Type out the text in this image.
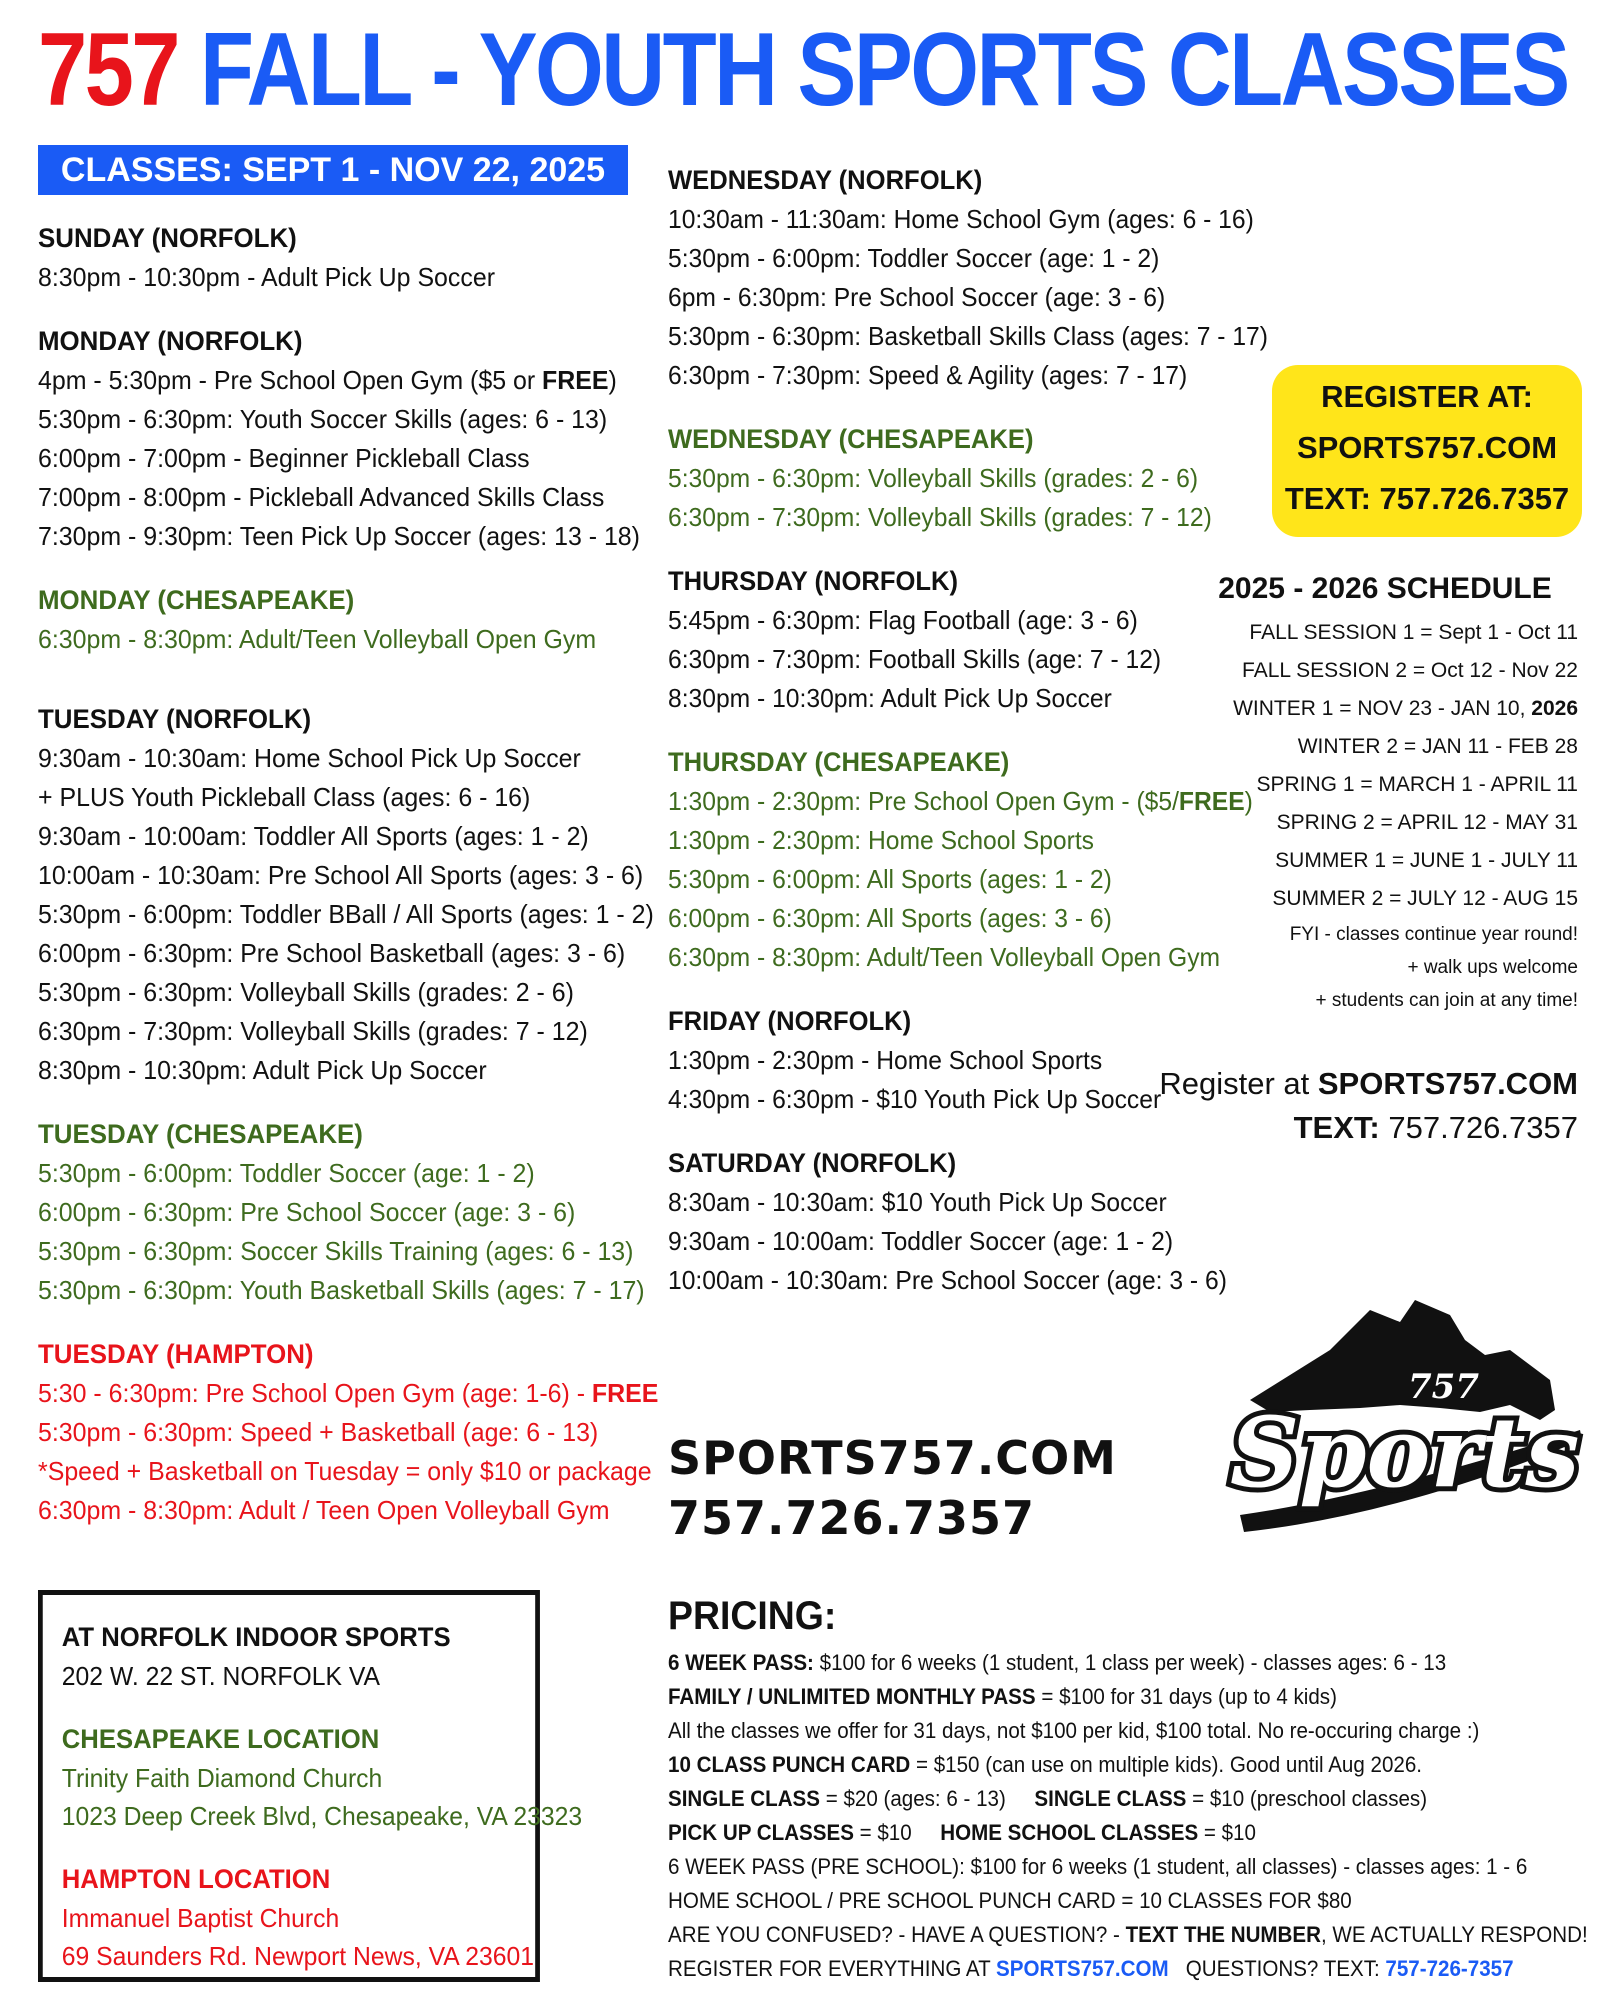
757 FALL - YOUTH SPORTS CLASSES
CLASSES: SEPT 1 - NOV 22, 2025
SUNDAY (NORFOLK)
8:30pm - 10:30pm - Adult Pick Up Soccer
MONDAY (NORFOLK)
4pm - 5:30pm - Pre School Open Gym ($5 or FREE)
5:30pm - 6:30pm: Youth Soccer Skills (ages: 6 - 13)
6:00pm - 7:00pm - Beginner Pickleball Class
7:00pm - 8:00pm - Pickleball Advanced Skills Class
7:30pm - 9:30pm: Teen Pick Up Soccer (ages: 13 - 18)
MONDAY (CHESAPEAKE)
6:30pm - 8:30pm: Adult/Teen Volleyball Open Gym
TUESDAY (NORFOLK)
9:30am - 10:30am: Home School Pick Up Soccer
+ PLUS Youth Pickleball Class (ages: 6 - 16)
9:30am - 10:00am: Toddler All Sports (ages: 1 - 2)
10:00am - 10:30am: Pre School All Sports (ages: 3 - 6)
5:30pm - 6:00pm: Toddler BBall / All Sports (ages: 1 - 2)
6:00pm - 6:30pm: Pre School Basketball (ages: 3 - 6)
5:30pm - 6:30pm: Volleyball Skills (grades: 2 - 6)
6:30pm - 7:30pm: Volleyball Skills (grades: 7 - 12)
8:30pm - 10:30pm: Adult Pick Up Soccer
TUESDAY (CHESAPEAKE)
5:30pm - 6:00pm: Toddler Soccer (age: 1 - 2)
6:00pm - 6:30pm: Pre School Soccer (age: 3 - 6)
5:30pm - 6:30pm: Soccer Skills Training (ages: 6 - 13)
5:30pm - 6:30pm: Youth Basketball Skills (ages: 7 - 17)
TUESDAY (HAMPTON)
5:30 - 6:30pm: Pre School Open Gym (age: 1-6) - FREE
5:30pm - 6:30pm: Speed + Basketball (age: 6 - 13)
*Speed + Basketball on Tuesday = only $10 or package
6:30pm - 8:30pm: Adult / Teen Open Volleyball Gym
WEDNESDAY (NORFOLK)
10:30am - 11:30am: Home School Gym (ages: 6 - 16)
5:30pm - 6:00pm: Toddler Soccer (age: 1 - 2)
6pm - 6:30pm: Pre School Soccer (age: 3 - 6)
5:30pm - 6:30pm: Basketball Skills Class (ages: 7 - 17)
6:30pm - 7:30pm: Speed & Agility (ages: 7 - 17)
WEDNESDAY (CHESAPEAKE)
5:30pm - 6:30pm: Volleyball Skills (grades: 2 - 6)
6:30pm - 7:30pm: Volleyball Skills (grades: 7 - 12)
THURSDAY (NORFOLK)
5:45pm - 6:30pm: Flag Football (age: 3 - 6)
6:30pm - 7:30pm: Football Skills (age: 7 - 12)
8:30pm - 10:30pm: Adult Pick Up Soccer
THURSDAY (CHESAPEAKE)
1:30pm - 2:30pm: Pre School Open Gym - ($5/FREE)
1:30pm - 2:30pm: Home School Sports
5:30pm - 6:00pm: All Sports (ages: 1 - 2)
6:00pm - 6:30pm: All Sports (ages: 3 - 6)
6:30pm - 8:30pm: Adult/Teen Volleyball Open Gym
FRIDAY (NORFOLK)
1:30pm - 2:30pm - Home School Sports
4:30pm - 6:30pm - $10 Youth Pick Up Soccer
SATURDAY (NORFOLK)
8:30am - 10:30am: $10 Youth Pick Up Soccer
9:30am - 10:00am: Toddler Soccer (age: 1 - 2)
10:00am - 10:30am: Pre School Soccer (age: 3 - 6)
REGISTER AT:
SPORTS757.COM
TEXT: 757.726.7357
2025 - 2026 SCHEDULE
FALL SESSION 1 = Sept 1 - Oct 11
FALL SESSION 2 = Oct 12 - Nov 22
WINTER 1 = NOV 23 - JAN 10, 2026
WINTER 2 = JAN 11 - FEB 28
SPRING 1 = MARCH 1 - APRIL 11
SPRING 2 = APRIL 12 - MAY 31
SUMMER 1 = JUNE 1 - JULY 11
SUMMER 2 = JULY 12 - AUG 15
FYI - classes continue year round!
+ walk ups welcome
+ students can join at any time!
Register at SPORTS757.COM
TEXT: 757.726.7357
SPORTS757.COM
757.726.7357
757
Sports
AT NORFOLK INDOOR SPORTS
202 W. 22 ST. NORFOLK VA
CHESAPEAKE LOCATION
Trinity Faith Diamond Church
1023 Deep Creek Blvd, Chesapeake, VA 23323
HAMPTON LOCATION
Immanuel Baptist Church
69 Saunders Rd. Newport News, VA 23601
PRICING:
6 WEEK PASS: $100 for 6 weeks (1 student, 1 class per week) - classes ages: 6 - 13
FAMILY / UNLIMITED MONTHLY PASS = $100 for 31 days (up to 4 kids)
All the classes we offer for 31 days, not $100 per kid, $100 total. No re-occuring charge :)
10 CLASS PUNCH CARD = $150 (can use on multiple kids). Good until Aug 2026.
SINGLE CLASS = $20 (ages: 6 - 13)     SINGLE CLASS = $10 (preschool classes)
PICK UP CLASSES = $10     HOME SCHOOL CLASSES = $10
6 WEEK PASS (PRE SCHOOL): $100 for 6 weeks (1 student, all classes) - classes ages: 1 - 6
HOME SCHOOL / PRE SCHOOL PUNCH CARD = 10 CLASSES FOR $80
ARE YOU CONFUSED? - HAVE A QUESTION? - TEXT THE NUMBER, WE ACTUALLY RESPOND!
REGISTER FOR EVERYTHING AT SPORTS757.COM   QUESTIONS? TEXT: 757-726-7357
